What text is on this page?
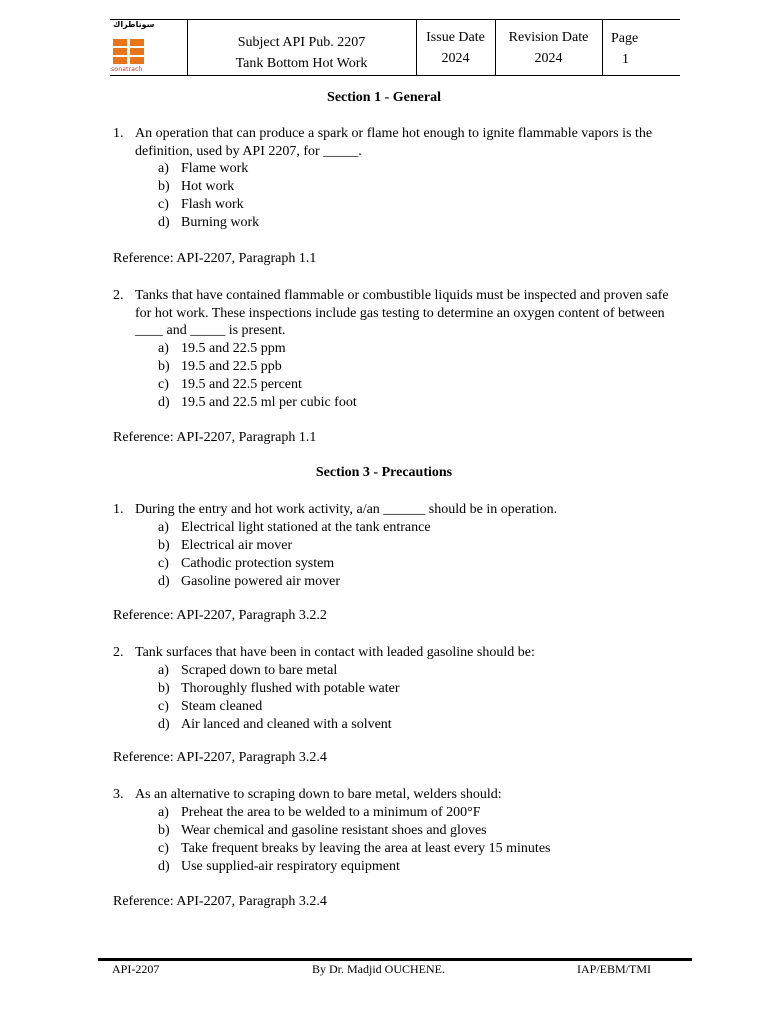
سوناطراك
sonatrach
Subject API Pub. 2207
Tank Bottom Hot Work
Issue Date
2024
Revision Date
2024
Page
1
Section 1 - General
1. An operation that can produce a spark or flame hot enough to ignite flammable vapors is the definition, used by API 2207, for _____.
a) Flame work
b) Hot work
c) Flash work
d) Burning work
Reference: API-2207, Paragraph 1.1
2. Tanks that have contained flammable or combustible liquids must be inspected and proven safe for hot work. These inspections include gas testing to determine an oxygen content of between ____ and _____ is present.
a) 19.5 and 22.5 ppm
b) 19.5 and 22.5 ppb
c) 19.5 and 22.5 percent
d) 19.5 and 22.5 ml per cubic foot
Reference: API-2207, Paragraph 1.1
Section 3 - Precautions
1. During the entry and hot work activity, a/an ______ should be in operation.
a) Electrical light stationed at the tank entrance
b) Electrical air mover
c) Cathodic protection system
d) Gasoline powered air mover
Reference: API-2207, Paragraph 3.2.2
2. Tank surfaces that have been in contact with leaded gasoline should be:
a) Scraped down to bare metal
b) Thoroughly flushed with potable water
c) Steam cleaned
d) Air lanced and cleaned with a solvent
Reference: API-2207, Paragraph 3.2.4
3. As an alternative to scraping down to bare metal, welders should:
a) Preheat the area to be welded to a minimum of 200°F
b) Wear chemical and gasoline resistant shoes and gloves
c) Take frequent breaks by leaving the area at least every 15 minutes
d) Use supplied-air respiratory equipment
Reference: API-2207, Paragraph 3.2.4
API-2207	By Dr. Madjid OUCHENE.	IAP/EBM/TMI
